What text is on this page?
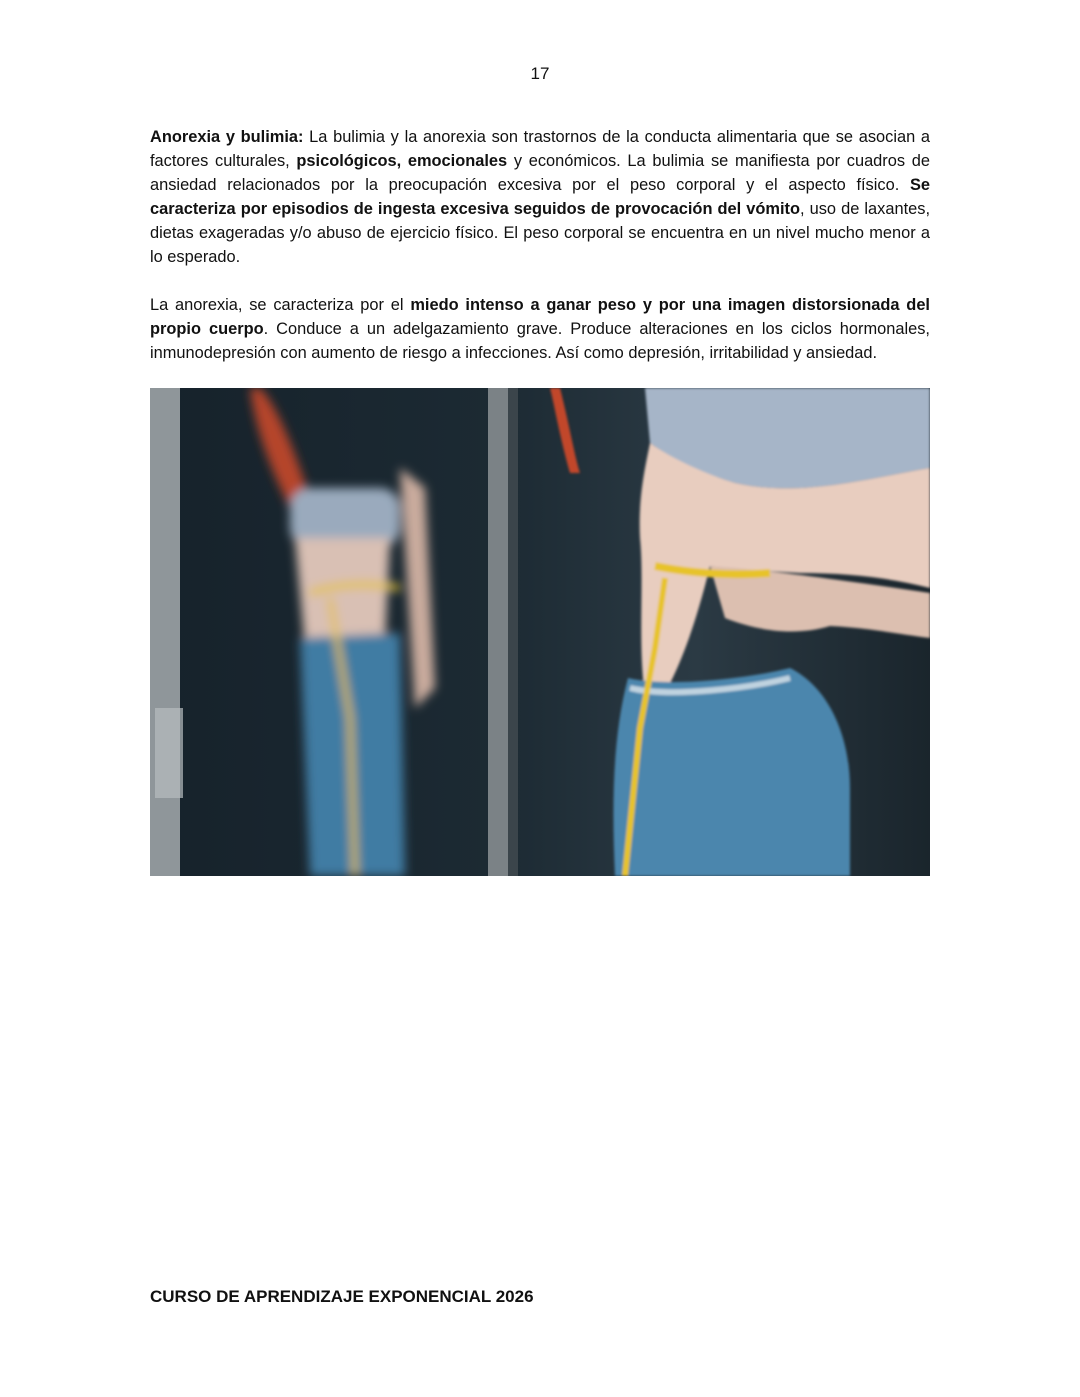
17

Anorexia y bulimia: La bulimia y la anorexia son trastornos de la conducta alimentaria que se asocian a factores culturales, psicológicos, emocionales y económicos. La bulimia se manifiesta por cuadros de ansiedad relacionados por la preocupación excesiva por el peso corporal y el aspecto físico. Se caracteriza por episodios de ingesta excesiva seguidos de provocación del vómito, uso de laxantes, dietas exageradas y/o abuso de ejercicio físico. El peso corporal se encuentra en un nivel mucho menor a lo esperado.

La anorexia, se caracteriza por el miedo intenso a ganar peso y por una imagen distorsionada del propio cuerpo. Conduce a un adelgazamiento grave. Produce alteraciones en los ciclos hormonales, inmunodepresión con aumento de riesgo a infecciones. Así como depresión, irritabilidad y ansiedad.

CURSO DE APRENDIZAJE EXPONENCIAL 2026
